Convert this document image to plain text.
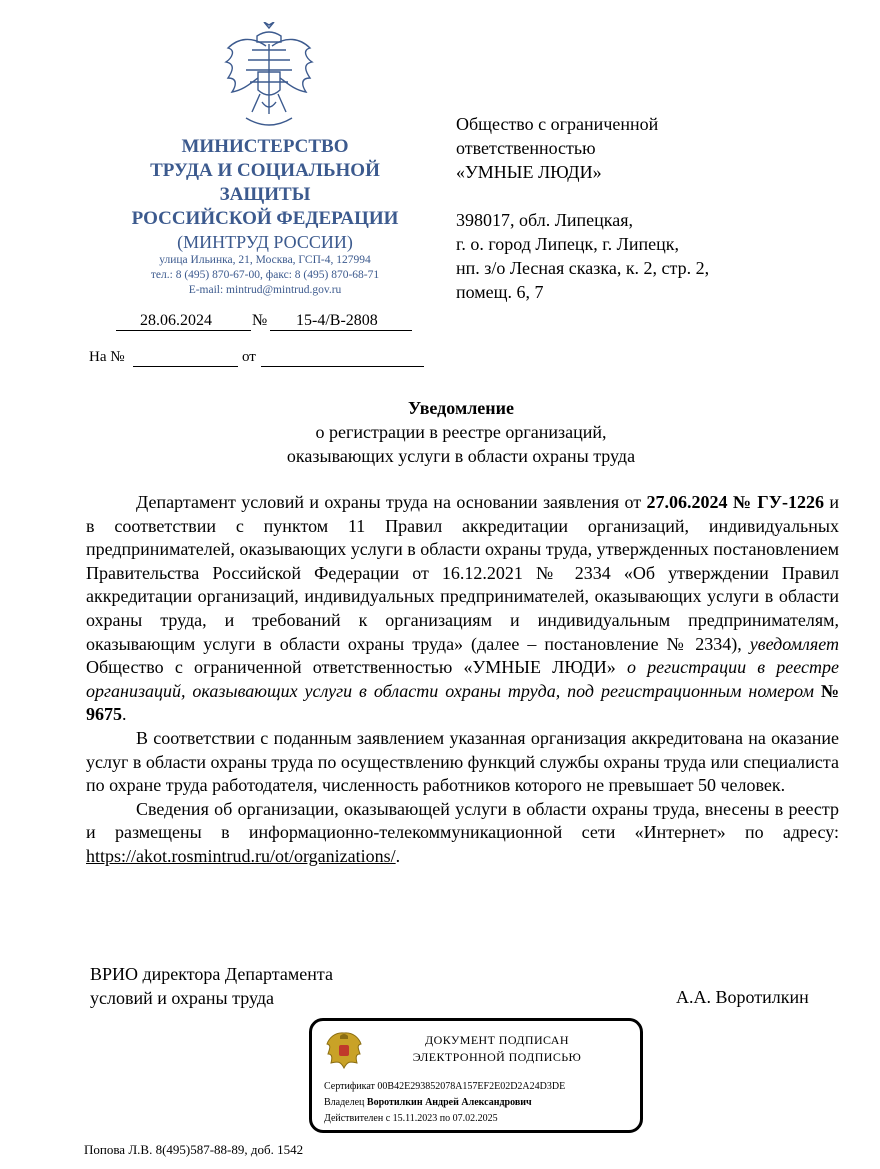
МИНИСТЕРСТВО
ТРУДА И СОЦИАЛЬНОЙ
ЗАЩИТЫ
РОССИЙСКОЙ ФЕДЕРАЦИИ
(МИНТРУД РОССИИ)
улица Ильинка, 21, Москва, ГСП-4, 127994
тел.: 8 (495) 870-67-00, факс: 8 (495) 870-68-71
E-mail: mintrud@mintrud.gov.ru
28.06.2024	№ 15-4/В-2808
На №	от

Общество с ограниченной

ответственностью

«УМНЫЕ ЛЮДИ»

398017, обл. Липецкая,

г. о. город Липецк, г. Липецк,

нп. з/о Лесная сказка, к. 2, стр. 2,

помещ. 6, 7

Уведомление
о регистрации в реестре организаций,
оказывающих услуги в области охраны труда

Департамент условий и охраны труда на основании заявления от 27.06.2024 № ГУ-1226 и в соответствии с пунктом 11 Правил аккредитации организаций, индивидуальных предпринимателей, оказывающих услуги в области охраны труда, утвержденных постановлением Правительства Российской Федерации от 16.12.2021 № 2334 «Об утверждении Правил аккредитации организаций, индивидуальных предпринимателей, оказывающих услуги в области охраны труда, и требований к организациям и индивидуальным предпринимателям, оказывающим услуги в области охраны труда» (далее – постановление № 2334), уведомляет Общество с ограниченной ответственностью «УМНЫЕ ЛЮДИ» о регистрации в реестре организаций, оказывающих услуги в области охраны труда, под регистрационным номером № 9675.

В соответствии с поданным заявлением указанная организация аккредитована на оказание услуг в области охраны труда по осуществлению функций службы охраны труда или специалиста по охране труда работодателя, численность работников которого не превышает 50 человек.

Сведения об организации, оказывающей услуги в области охраны труда, внесены в реестр и размещены в информационно-телекоммуникационной сети «Интернет» по адресу: https://akot.rosmintrud.ru/ot/organizations/.

ВРИО директора Департамента
условий и охраны труда	А.А. Воротилкин
ДОКУМЕНТ ПОДПИСАН
ЭЛЕКТРОННОЙ ПОДПИСЬЮ
Сертификат 00B42E293852078A157EF2E02D2A24D3DE
Владелец Воротилкин Андрей Александрович
Действителен с 15.11.2023 по 07.02.2025
Попова Л.В. 8(495)587-88-89, доб. 1542
